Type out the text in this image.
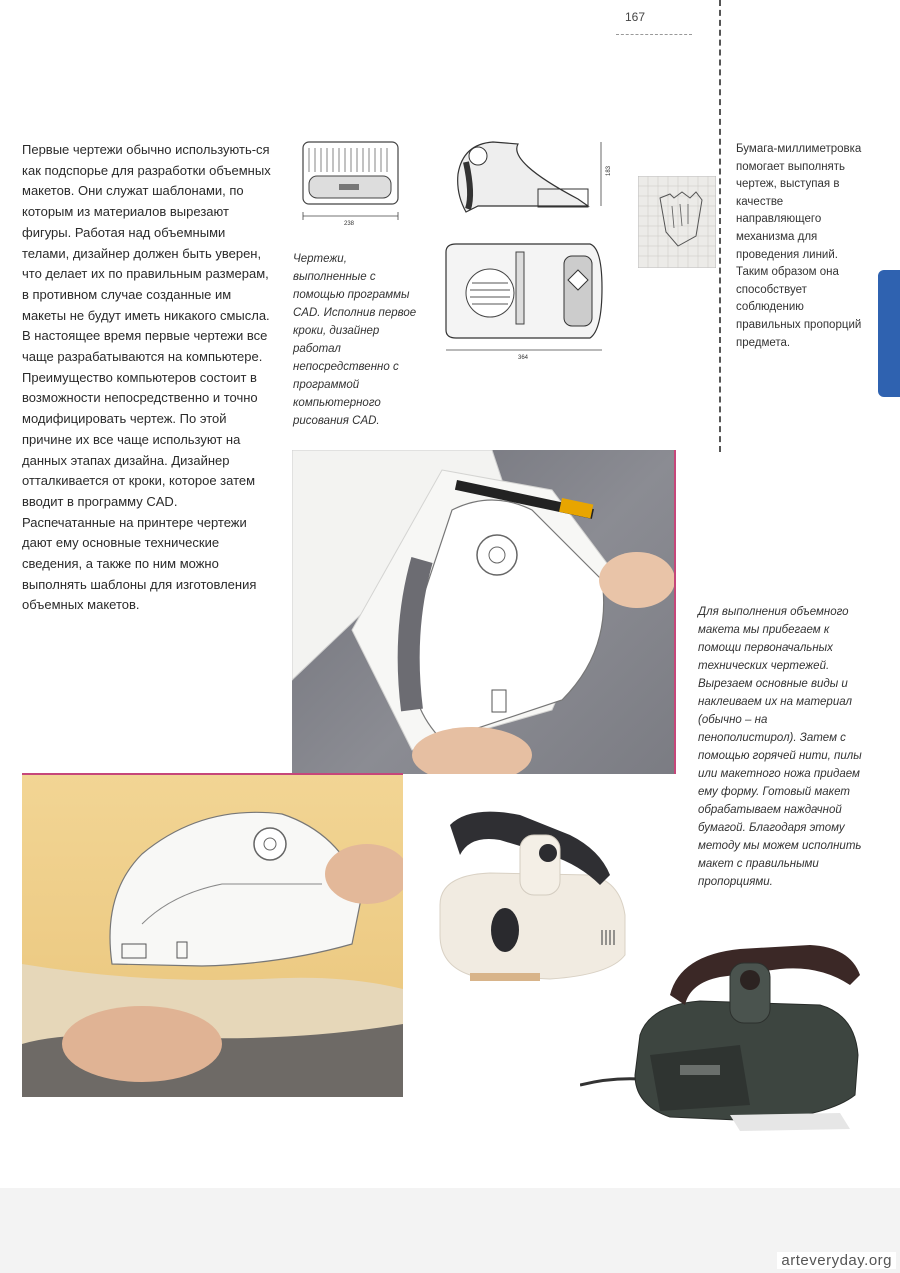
167
Первые чертежи обычно использують-ся как подспорье для разработки объемных макетов. Они служат шаблонами, по которым из материалов вырезают фигуры. Работая над объемными телами, дизайнер должен быть уверен, что делает их по правильным размерам, в противном случае созданные им макеты не будут иметь никакого смысла. В настоящее время первые чертежи все чаще разрабатываются на компьютере. Преимущество компьютеров состоит в возможности непосредственно и точно модифицировать чертеж. По этой причине их все чаще используют на данных этапах дизайна. Дизайнер отталкивается от кроки, которое затем вводит в программу CAD. Распечатанные на принтере чертежи дают ему основные технические сведения, а также по ним можно выполнять шаблоны для изготовления объемных макетов.
238
183
364
Чертежи, выполненные с помощью программы CAD. Исполнив первое кроки, дизайнер работал непосредственно с программой компьютерного рисования CAD.
Бумага-миллиметровка помогает выполнять чертеж, выступая в качестве направляющего механизма для проведения линий. Таким образом она способствует соблюдению правильных пропорций предмета.
Для выполнения объемного макета мы прибегаем к помощи первоначальных технических чертежей. Вырезаем основные виды и наклеиваем их на материал (обычно – на пенополистирол). Затем с помощью горячей нити, пилы или макетного ножа придаем ему форму. Готовый макет обрабатываем наждачной бумагой. Благодаря этому методу мы можем исполнить макет с правильными пропорциями.
arteveryday.org
